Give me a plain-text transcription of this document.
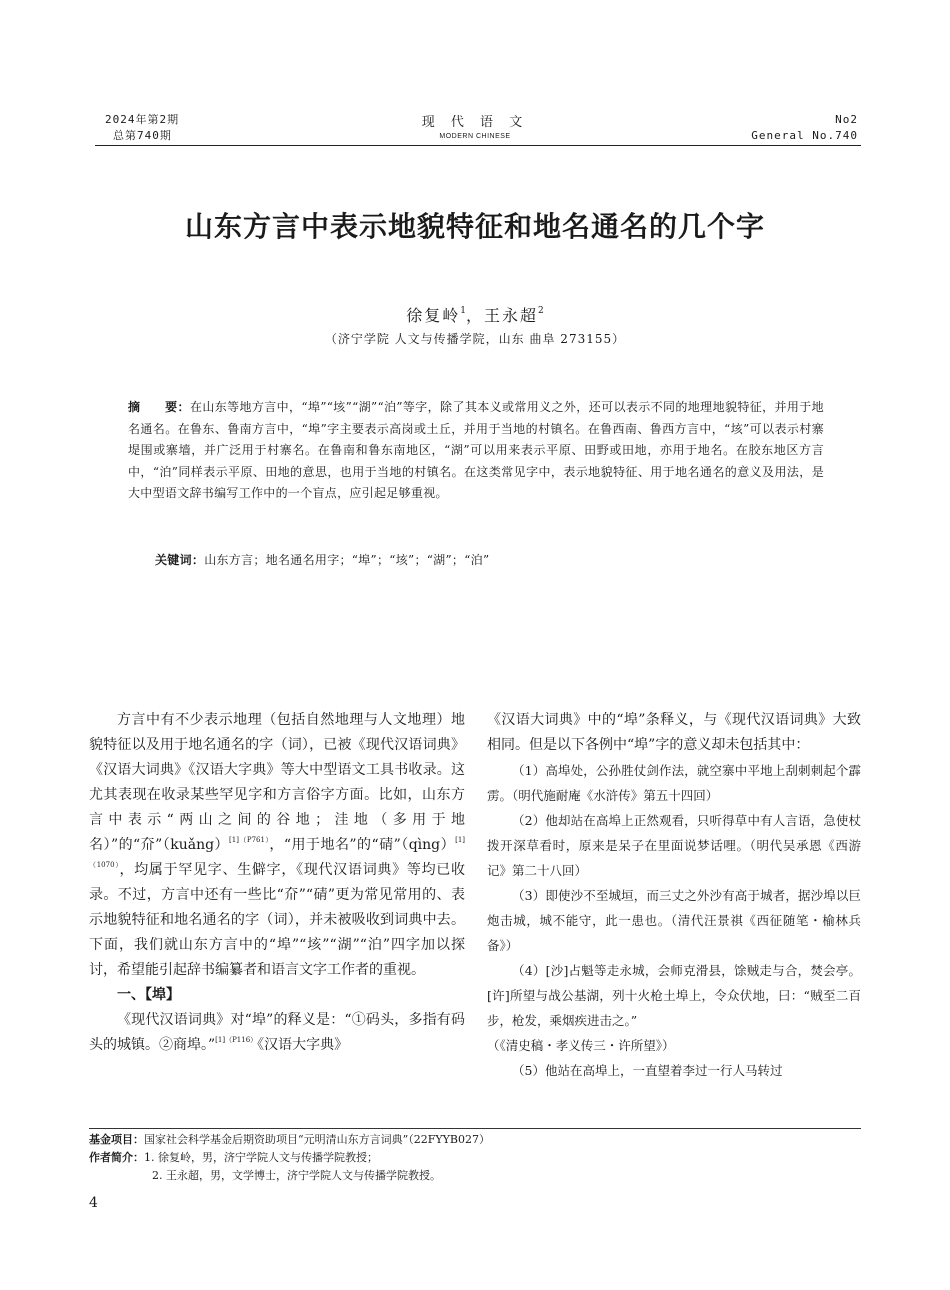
2024年第2期
总第740期
现 代 语 文
MODERN CHINESE
No2
General No.740
山东方言中表示地貌特征和地名通名的几个字
徐复岭$^1$，王永超$^2$
（济宁学院 人文与传播学院，山东 曲阜 273155）
摘　　要：在山东等地方言中，“埠”“垓”“湖”“泊”等字，除了其本义或常用义之外，还可以表示不同的地理地貌特征，并用于地名通名。在鲁东、鲁南方言中，“埠”字主要表示高岗或土丘，并用于当地的村镇名。在鲁西南、鲁西方言中，“垓”可以表示村寨堤围或寨墙，并广泛用于村寨名。在鲁南和鲁东南地区，“湖”可以用来表示平原、田野或田地，亦用于地名。在胶东地区方言中，“泊”同样表示平原、田地的意思，也用于当地的村镇名。在这类常见字中，表示地貌特征、用于地名通名的意义及用法，是大中型语文辞书编写工作中的一个盲点，应引起足够重视。
关键词：山东方言；地名通名用字；“埠”；“垓”；“湖”；“泊”

方言中有不少表示地理（包括自然地理与人文地理）地貌特征以及用于地名通名的字（词），已被《现代汉语词典》《汉语大词典》《汉语大字典》等大中型语文工具书收录。这尤其表现在收录某些罕见字和方言俗字方面。比如，山东方言中表示“两山之间的谷地；洼地（多用于地名）”的“夼”（kuǎng）$^{[1](P761)}$，“用于地名”的“碃”（qìng）$^{[1](1070)}$，均属于罕见字、生僻字，《现代汉语词典》等均已收录。不过，方言中还有一些比“夼”“碃”更为常见常用的、表示地貌特征和地名通名的字（词），并未被吸收到词典中去。下面，我们就山东方言中的“埠”“垓”“湖”“泊”四字加以探讨，希望能引起辞书编纂者和语言文字工作者的重视。

一、【埠】

《现代汉语词典》对“埠”的释义是：“①码头，多指有码头的城镇。②商埠。”$^{[1](P116)}$《汉语大字典》

《汉语大词典》中的“埠”条释义，与《现代汉语词典》大致相同。但是以下各例中“埠”字的意义却未包括其中：

（1）高埠处，公孙胜仗剑作法，就空寨中平地上刮刺刺起个霹雳。（明代施耐庵《水浒传》第五十四回）

（2）他却站在高埠上正然观看，只听得草中有人言语，急使杖拨开深草看时，原来是呆子在里面说梦话哩。（明代吴承恩《西游记》第二十八回）

（3）即使沙不至城垣，而三丈之外沙有高于城者，据沙埠以巨炮击城，城不能守，此一患也。（清代汪景祺《西征随笔・榆林兵备》）

（4）[沙]占魁等走永城，会师克滑县，馀贼走与合，焚会亭。[许]所望与战公基湖，列十火枪土埠上，令众伏地，曰：“贼至二百步，枪发，乘烟疾进击之。”

（《清史稿・孝义传三・许所望》）

（5）他站在高埠上，一直望着李过一行人马转过

基金项目：国家社会科学基金后期资助项目“元明清山东方言词典”（22FYYB027）
作者简介：1. 徐复岭，男，济宁学院人文与传播学院教授；
2. 王永超，男，文学博士，济宁学院人文与传播学院教授。
4
